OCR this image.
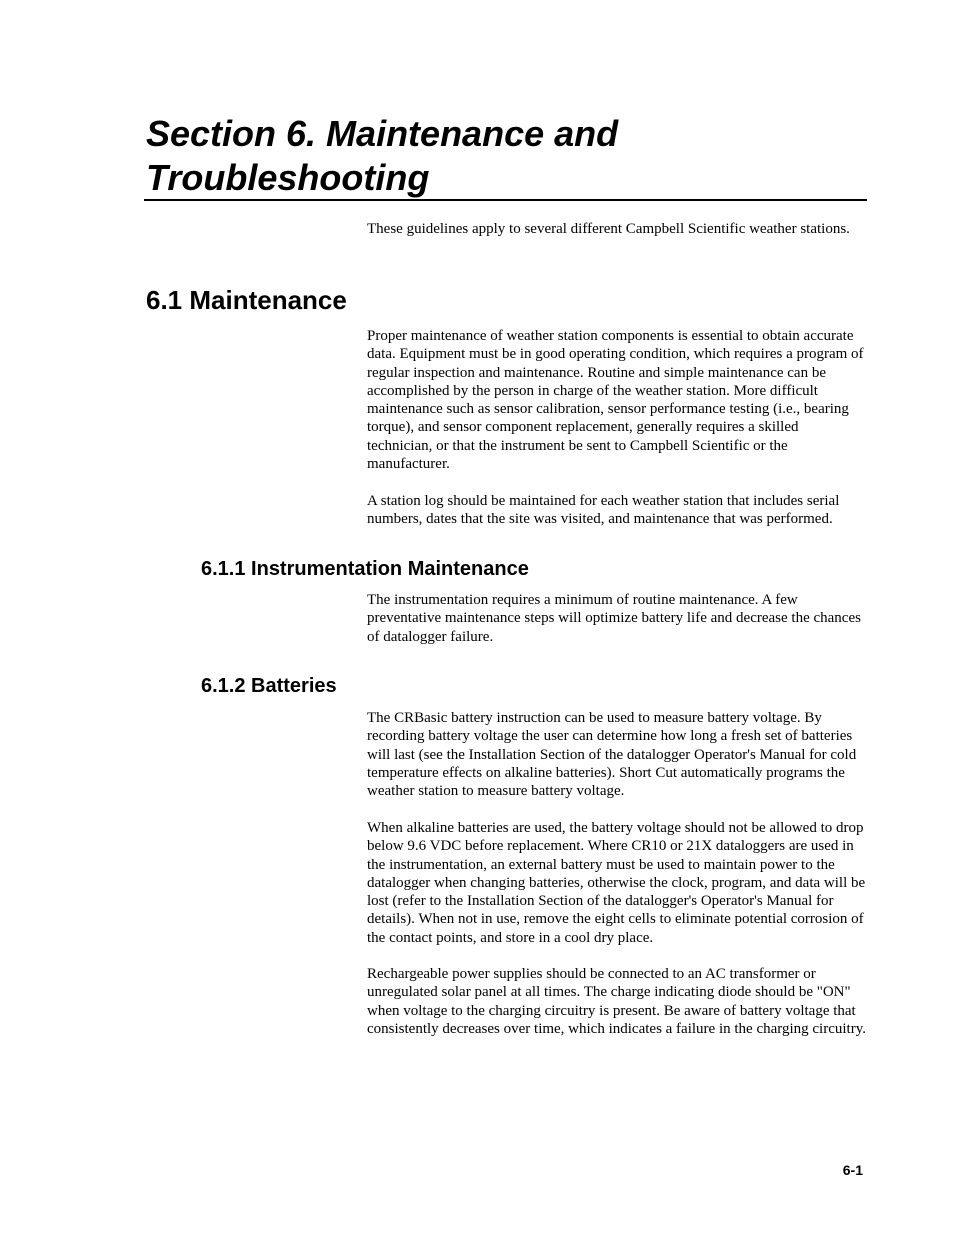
Section 6. Maintenance and
Troubleshooting

These guidelines apply to several different Campbell Scientific weather stations.

6.1 Maintenance

Proper maintenance of weather station components is essential to obtain accurate data. Equipment must be in good operating condition, which requires a program of regular inspection and maintenance. Routine and simple maintenance can be accomplished by the person in charge of the weather station. More difficult maintenance such as sensor calibration, sensor performance testing (i.e., bearing torque), and sensor component replacement, generally requires a skilled technician, or that the instrument be sent to Campbell Scientific or the manufacturer.

A station log should be maintained for each weather station that includes serial numbers, dates that the site was visited, and maintenance that was performed.

6.1.1 Instrumentation Maintenance

The instrumentation requires a minimum of routine maintenance. A few preventative maintenance steps will optimize battery life and decrease the chances of datalogger failure.

6.1.2 Batteries

The CRBasic battery instruction can be used to measure battery voltage. By recording battery voltage the user can determine how long a fresh set of batteries will last (see the Installation Section of the datalogger Operator's Manual for cold temperature effects on alkaline batteries). Short Cut automatically programs the weather station to measure battery voltage.

When alkaline batteries are used, the battery voltage should not be allowed to drop below 9.6 VDC before replacement. Where CR10 or 21X dataloggers are used in the instrumentation, an external battery must be used to maintain power to the datalogger when changing batteries, otherwise the clock, program, and data will be lost (refer to the Installation Section of the datalogger's Operator's Manual for details). When not in use, remove the eight cells to eliminate potential corrosion of the contact points, and store in a cool dry place.

Rechargeable power supplies should be connected to an AC transformer or unregulated solar panel at all times. The charge indicating diode should be "ON" when voltage to the charging circuitry is present. Be aware of battery voltage that consistently decreases over time, which indicates a failure in the charging circuitry.

6-1
